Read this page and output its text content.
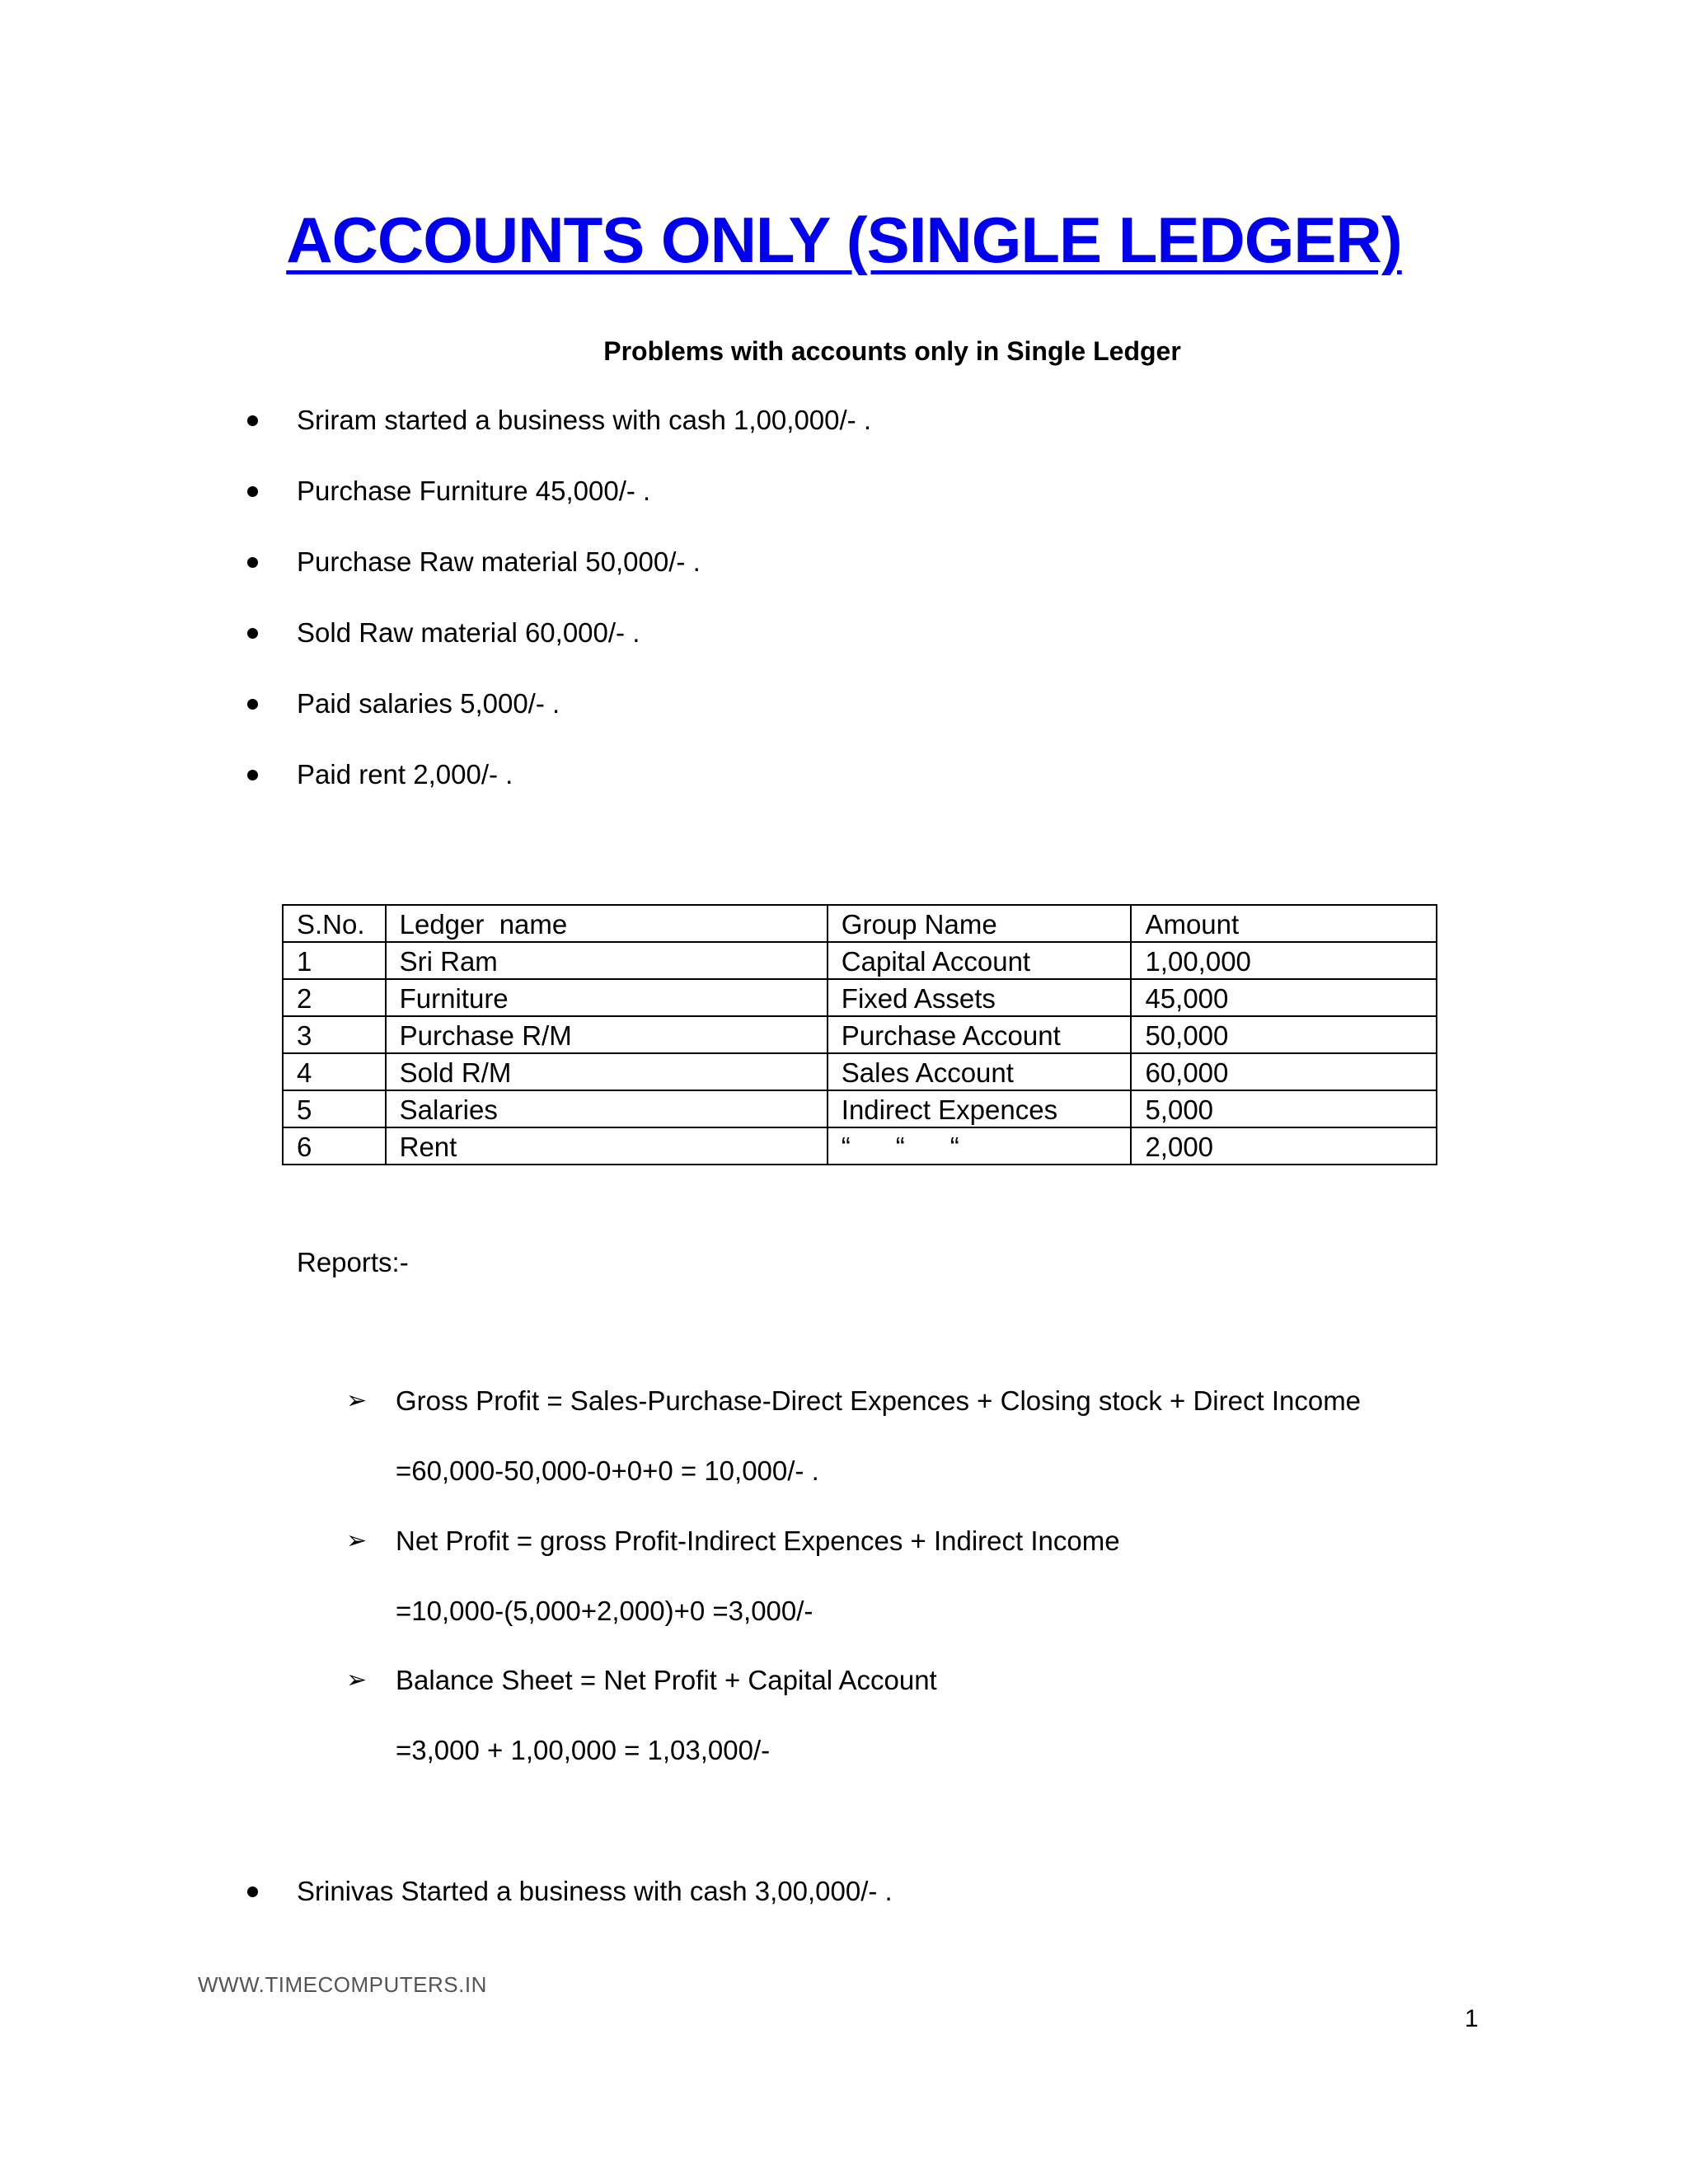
ACCOUNTS ONLY (SINGLE LEDGER)
Problems with accounts only in Single Ledger
Sriram started a business with cash 1,00,000/- .
Purchase Furniture 45,000/- .
Purchase Raw material 50,000/- .
Sold Raw material 60,000/- .
Paid salaries 5,000/- .
Paid rent 2,000/- .
S.No.	Ledger  name	Group Name	Amount
1	Sri Ram	Capital Account	1,00,000
2	Furniture	Fixed Assets	45,000
3	Purchase R/M	Purchase Account	50,000
4	Sold R/M	Sales Account	60,000
5	Salaries	Indirect Expences	5,000
6	Rent	“      “      “	2,000
Reports:-
➢ Gross Profit = Sales-Purchase-Direct Expences + Closing stock + Direct Income
=60,000-50,000-0+0+0 = 10,000/- .
➢ Net Profit = gross Profit-Indirect Expences + Indirect Income
=10,000-(5,000+2,000)+0 =3,000/-
➢ Balance Sheet = Net Profit + Capital Account
=3,000 + 1,00,000 = 1,03,000/-
Srinivas Started a business with cash 3,00,000/- .
WWW.TIMECOMPUTERS.IN
1
